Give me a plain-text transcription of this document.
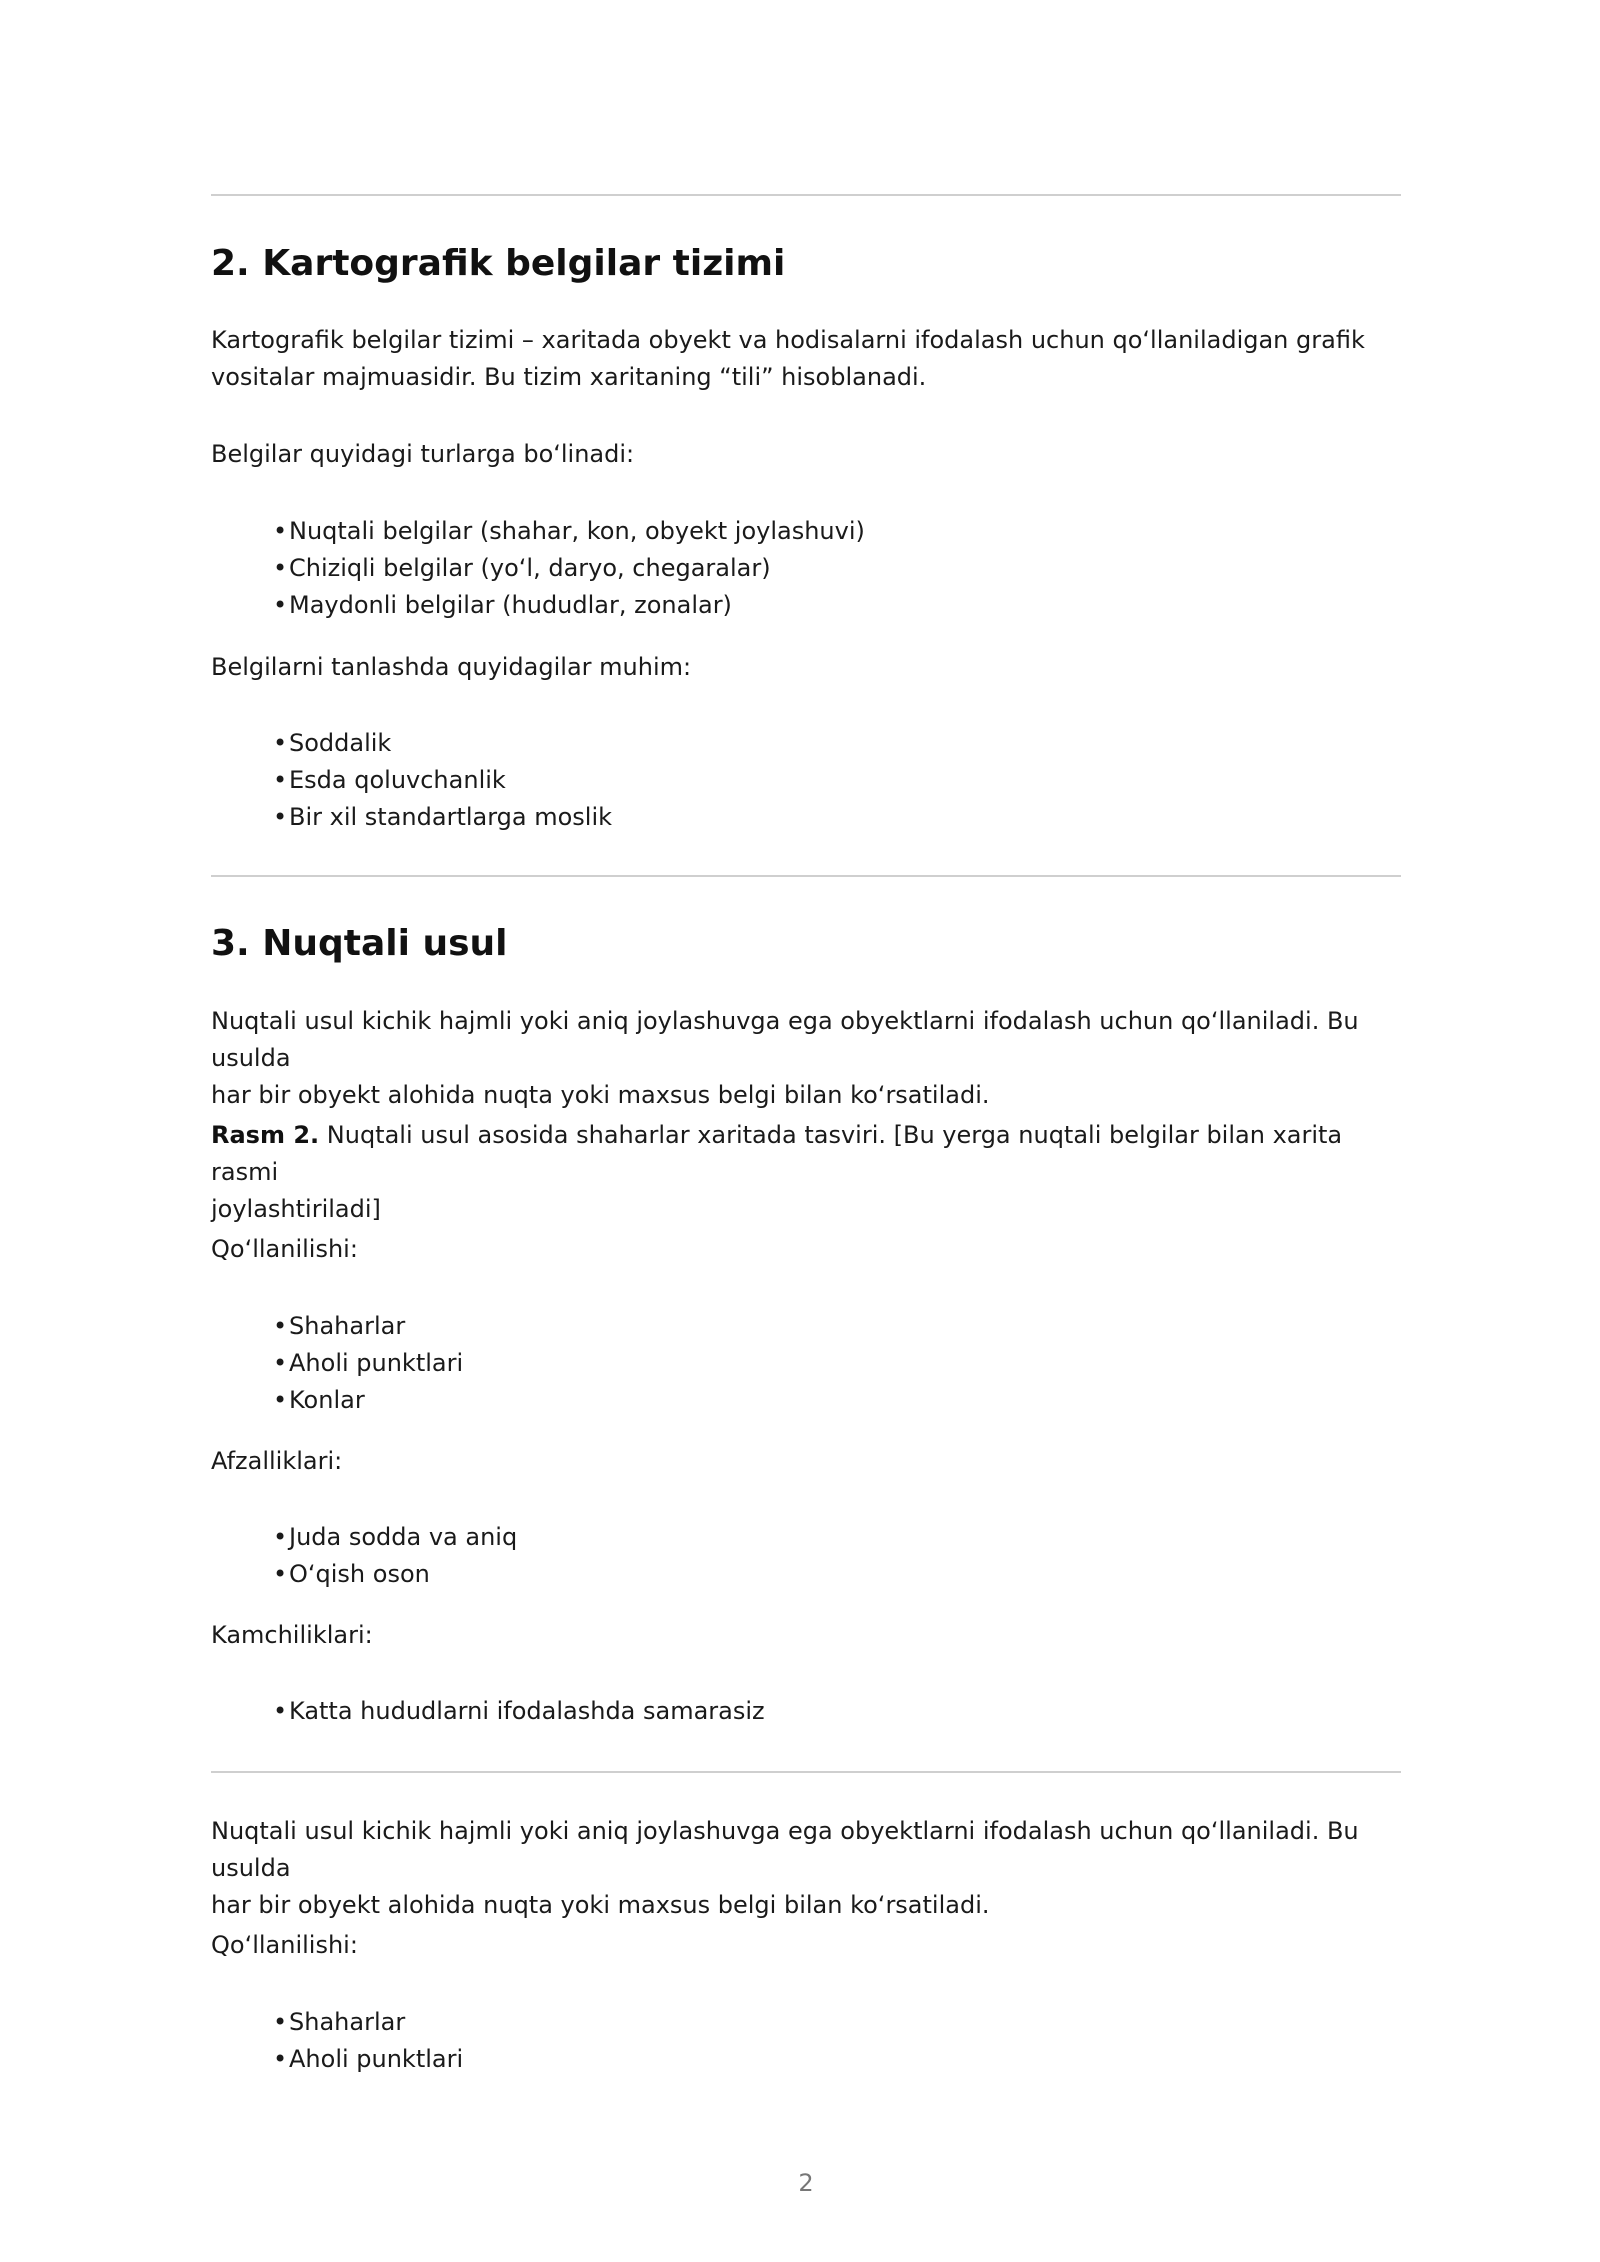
2. Kartografik belgilar tizimi

Kartografik belgilar tizimi – xaritada obyekt va hodisalarni ifodalash uchun qo‘llaniladigan grafik
vositalar majmuasidir. Bu tizim xaritaning “tili” hisoblanadi.

Belgilar quyidagi turlarga bo‘linadi:

•Nuqtali belgilar (shahar, kon, obyekt joylashuvi)
•Chiziqli belgilar (yo‘l, daryo, chegaralar)
•Maydonli belgilar (hududlar, zonalar)

Belgilarni tanlashda quyidagilar muhim:

•Soddalik
•Esda qoluvchanlik
•Bir xil standartlarga moslik
3. Nuqtali usul

Nuqtali usul kichik hajmli yoki aniq joylashuvga ega obyektlarni ifodalash uchun qo‘llaniladi. Bu usulda
har bir obyekt alohida nuqta yoki maxsus belgi bilan ko‘rsatiladi.

Rasm 2. Nuqtali usul asosida shaharlar xaritada tasviri. [Bu yerga nuqtali belgilar bilan xarita rasmi
joylashtiriladi]

Qo‘llanilishi:

•Shaharlar
•Aholi punktlari
•Konlar

Afzalliklari:

•Juda sodda va aniq
•O‘qish oson

Kamchiliklari:

•Katta hududlarni ifodalashda samarasiz

Nuqtali usul kichik hajmli yoki aniq joylashuvga ega obyektlarni ifodalash uchun qo‘llaniladi. Bu usulda
har bir obyekt alohida nuqta yoki maxsus belgi bilan ko‘rsatiladi.

Qo‘llanilishi:

•Shaharlar
•Aholi punktlari
2
